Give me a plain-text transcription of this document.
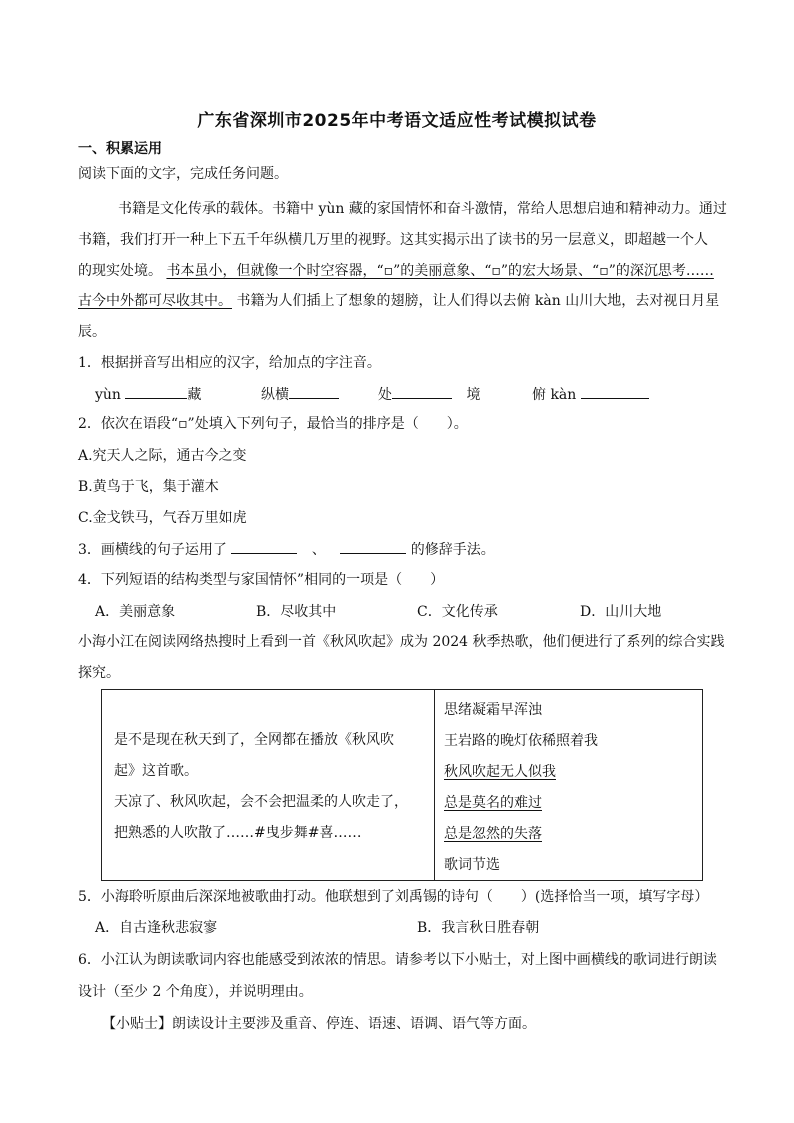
广东省深圳市2025年中考语文适应性考试模拟试卷
一、积累运用
阅读下面的文字，完成任务问题。
书籍是文化传承的载体。书籍中 yùn 藏的家国情怀和奋斗激情，常给人思想启迪和精神动力。通过
书籍，我们打开一种上下五千年纵横几万里的视野。这其实揭示出了读书的另一层意义，即超越一个人
的现实处境。 书本虽小，但就像一个时空容器，“▫”的美丽意象、“▫”的宏大场景、“▫”的深沉思考……
古今中外都可尽收其中。 书籍为人们插上了想象的翅膀，让人们得以去俯 kàn 山川大地，去对视日月星
辰。
1．根据拼音写出相应的汉字，给加点的字注音。
yùn	藏	纵横	处	境	俯 kàn
2．依次在语段“▫”处填入下列句子，最恰当的排序是（　　）。
A.究天人之际，通古今之变
B.黄鸟于飞，集于灌木
C.金戈铁马，气吞万里如虎
3．画横线的句子运用了	、	的修辞手法。
4．下列短语的结构类型与家国情怀”相同的一项是（　　）
A．美丽意象	B．尽收其中	C．文化传承	D．山川大地
小海小江在阅读网络热搜时上看到一首《秋风吹起》成为 2024 秋季热歌，他们便进行了系列的综合实践
探究。
是不是现在秋天到了，全网都在播放《秋风吹
起》这首歌。
天凉了、秋风吹起，会不会把温柔的人吹走了，
把熟悉的人吹散了……#曳步舞#喜……
思绪凝霜早浑浊
王岩路的晚灯依稀照着我
秋风吹起无人似我
总是莫名的难过
总是忽然的失落
歌词节选
5．小海聆听原曲后深深地被歌曲打动。他联想到了刘禹锡的诗句（　　）(选择恰当一项，填写字母）
A．自古逢秋悲寂寥	B．我言秋日胜春朝
6．小江认为朗读歌词内容也能感受到浓浓的情思。请参考以下小贴士，对上图中画横线的歌词进行朗读
设计（至少 2 个角度），并说明理由。
【小贴士】朗读设计主要涉及重音、停连、语速、语调、语气等方面。
